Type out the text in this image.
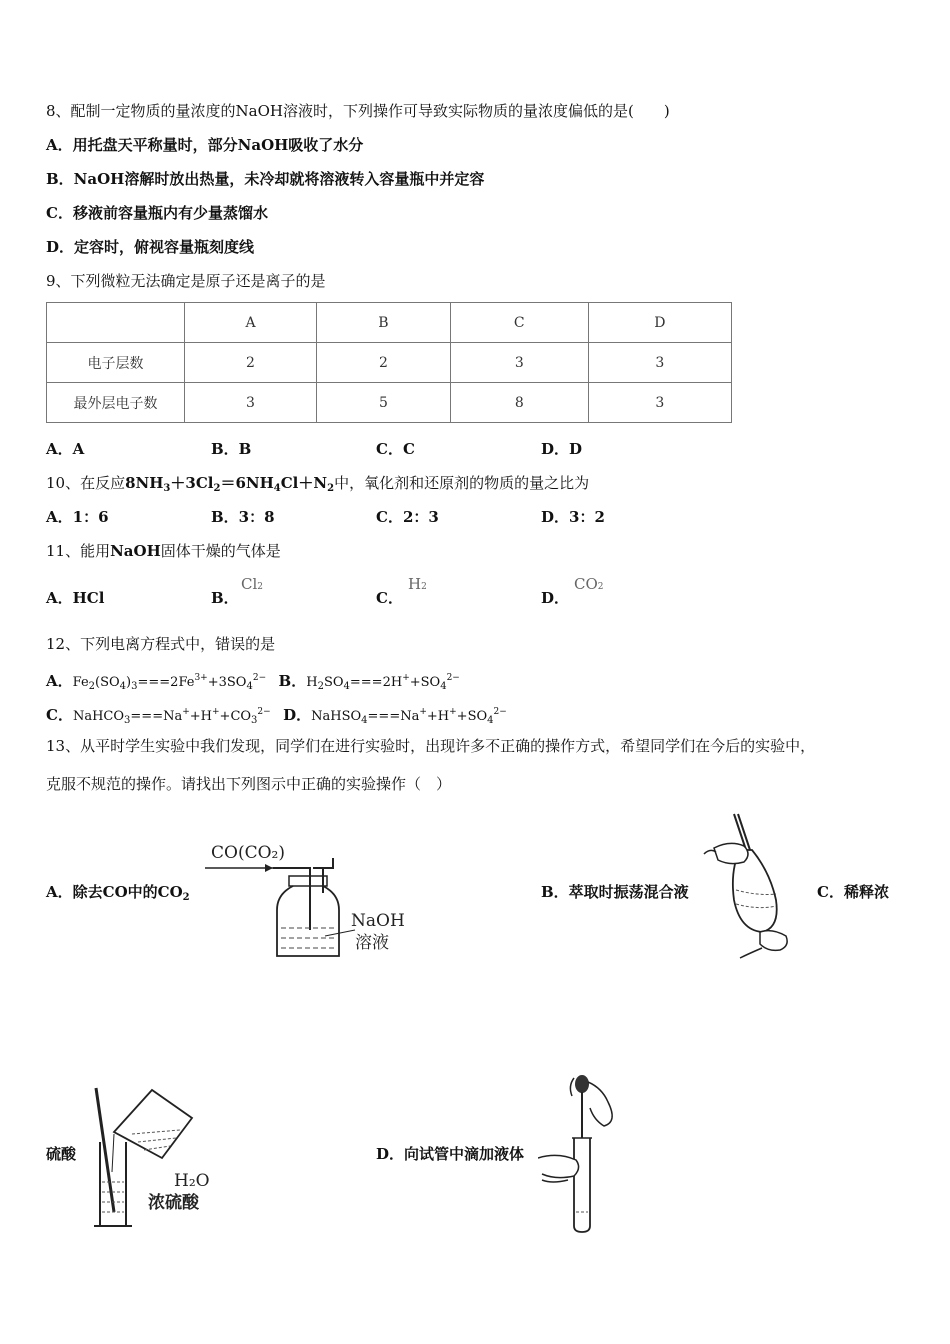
8、配制一定物质的量浓度的NaOH溶液时，下列操作可导致实际物质的量浓度偏低的是(　　)
A．用托盘天平称量时，部分NaOH吸收了水分
B．NaOH溶解时放出热量，未冷却就将溶液转入容量瓶中并定容
C．移液前容量瓶内有少量蒸馏水
D．定容时，俯视容量瓶刻度线
9、下列微粒无法确定是原子还是离子的是
	A	B	C	D
电子层数	2	2	3	3
最外层电子数	3	5	8	3
A．A	B．B	C．C	D．D
10、在反应$8NH_3+3Cl_2=6NH_4Cl+N_2$中，氧化剂和还原剂的物质的量之比为
A．1：6	B．3：8	C．2：3	D．3：2
11、能用NaOH固体干燥的气体是
A．HCl	B．
Cl2
C．
H2
D．
CO2
12、下列电离方程式中，错误的是
A．$Fe_2(SO_4)_3===2Fe^{3+}+3SO_4^{2-}$ B．$H_2SO_4===2H^++SO_4^{2-}$
C．$NaHCO_3===Na^++H^++CO_3^{2-}$ D．$NaHSO_4===Na^++H^++SO_4^{2-}$
13、从平时学生实验中我们发现，同学们在进行实验时，出现许多不正确的操作方式，希望同学们在今后的实验中，
克服不规范的操作。请找出下列图示中正确的实验操作（　）
A．除去CO中的$CO_2$
CO(CO₂)
NaOH
溶液
B．萃取时振荡混合液	C．稀释浓
硫酸
H₂O
浓硫酸
D．向试管中滴加液体
